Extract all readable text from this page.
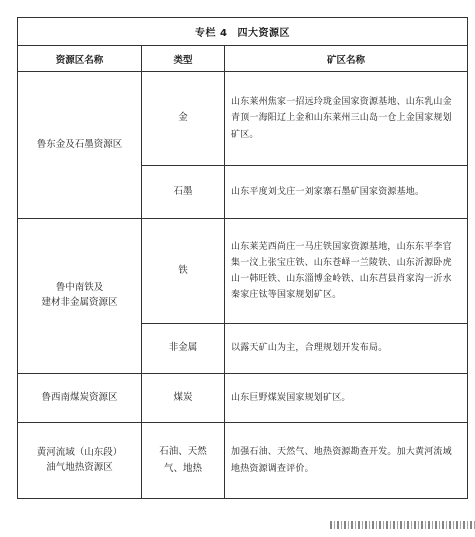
专栏 4 四大资源区		
资源区名称	类型	矿区名称
鲁东金及石墨资源区	金	山东莱州焦家一招远玲珑金国家资源基地、山东乳山金青顶一海阳辽上金和山东莱州三山岛一仓上金国家规划矿区。
	石墨	山东平度刘戈庄一刘家寨石墨矿国家资源基地。
鲁中南铁及
建材非金属资源区	铁	山东莱芜西尚庄一马庄铁国家资源基地，山东东平李官集一汶上张宝庄铁、山东苍峄一兰陵铁、山东沂源卧虎山一韩旺铁、山东淄博金岭铁、山东莒县肖家沟一沂水秦家庄钛等国家规划矿区。
	非金属	以露天矿山为主，合理规划开发布局。
鲁西南煤炭资源区	煤炭	山东巨野煤炭国家规划矿区。
黄河流域（山东段）
油气地热资源区	石油、天然
气、地热	加强石油、天然气、地热资源勘查开发。加大黄河流域地热资源调查评价。
